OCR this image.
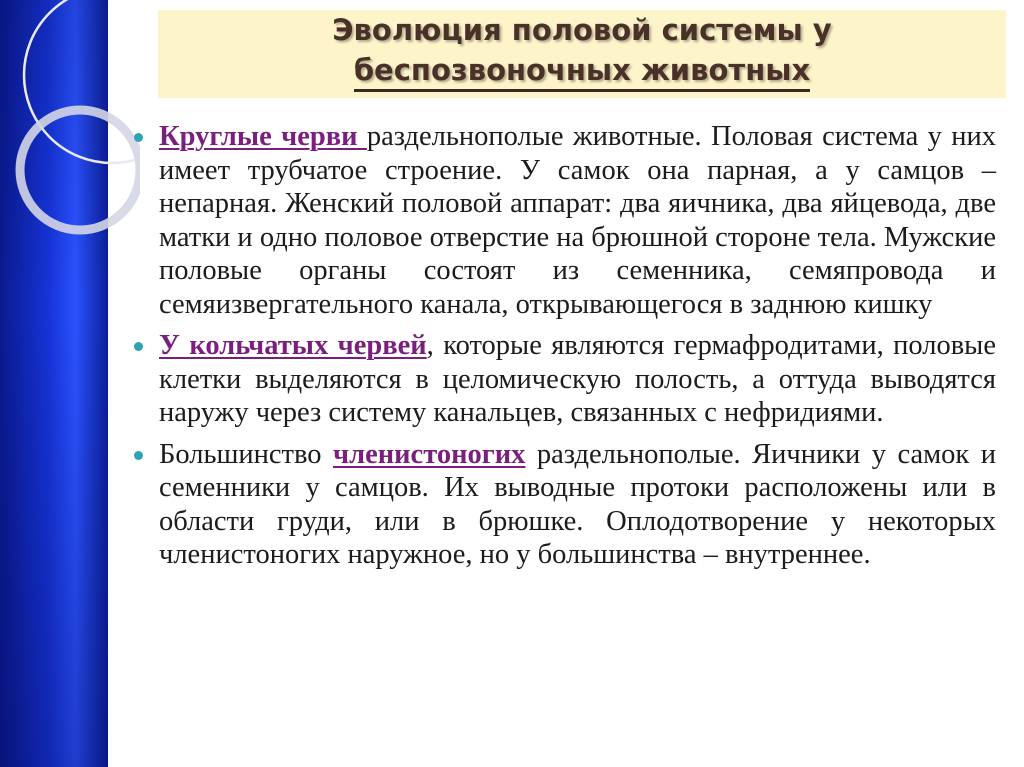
Эволюция половой системы у
беспозвоночных животных
Круглые черви раздельнополые животные. Половая система у них имеет трубчатое строение. У самок она парная, а у самцов – непарная. Женский половой аппарат: два яичника, два яйцевода, две матки и одно половое отверстие на брюшной стороне тела. Мужские половые органы состоят из семенника, семяпровода и семяизвергательного канала, открывающегося в заднюю кишку
У кольчатых червей, которые являются гермафродитами, половые клетки выделяются в целомическую полость, а оттуда выводятся наружу через систему канальцев, связанных с нефридиями.
Большинство членистоногих раздельнополые. Яичники у самок и семенники у самцов. Их выводные протоки расположены или в области груди, или в брюшке. Оплодотворение у некоторых членистоногих наружное, но у большинства – внутреннее.
